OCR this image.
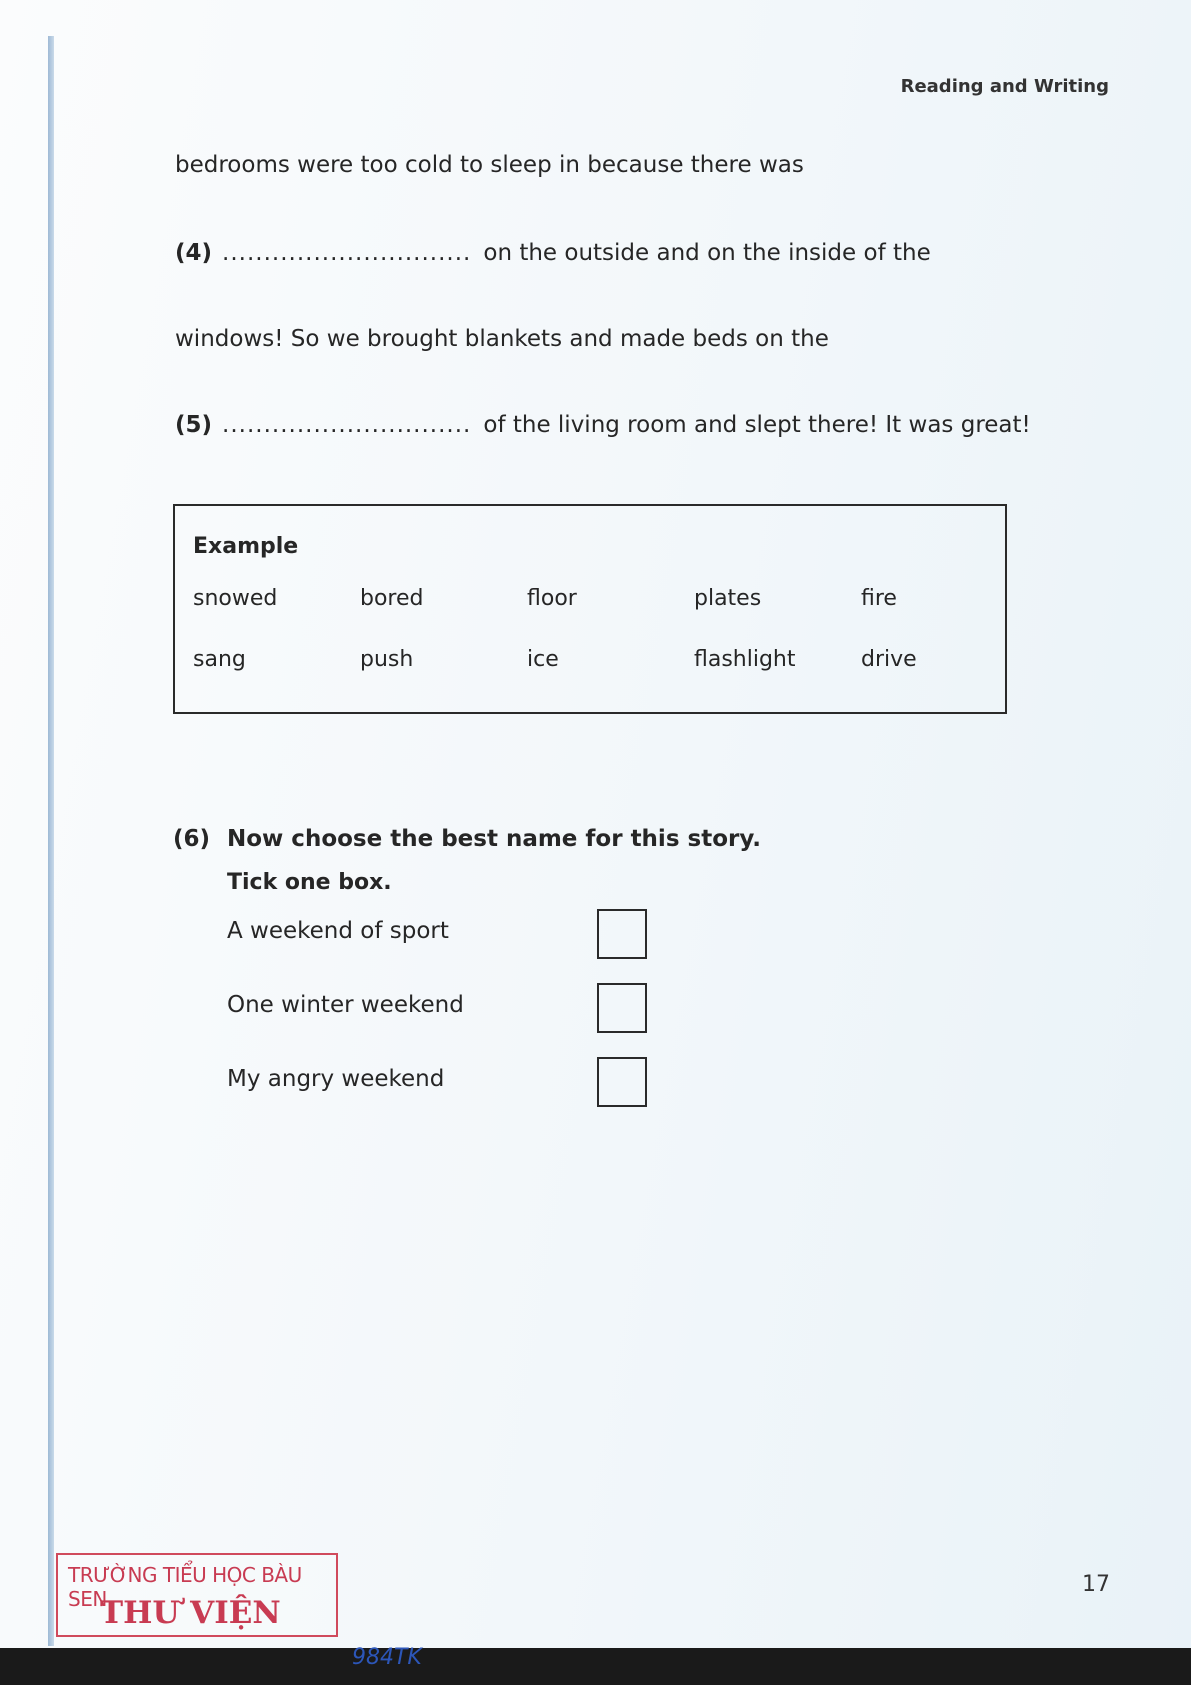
Reading and Writing
bedrooms were too cold to sleep in because there was
(4) .............................. on the outside and on the inside of the
windows! So we brought blankets and made beds on the
(5) .............................. of the living room and slept there! It was great!
Example
snowed	bored	floor	plates	fire
sang	push	ice	flashlight	drive
(6) Now choose the best name for this story.
Tick one box.
A weekend of sport
One winter weekend
My angry weekend
17
TRƯỜNG TIỂU HỌC BÀU SEN
THƯ VIỆN
984TK
